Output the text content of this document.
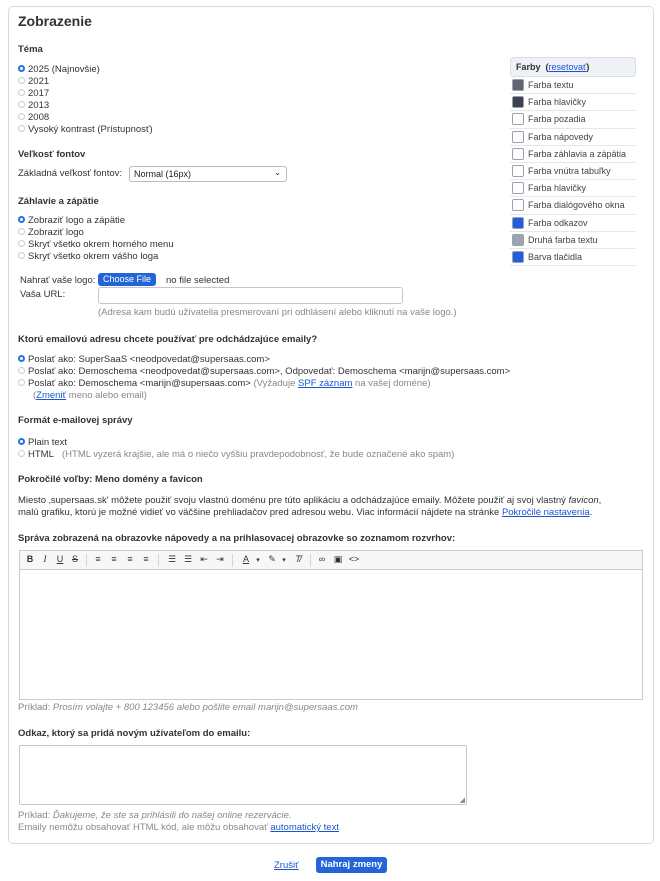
Zobrazenie
Téma
2025 (Najnovšie)
2021
2017
2013
2008
Vysoký kontrast (Prístupnosť)
Farby  (resetovať)
Farba textu
Farba hlavičky
Farba pozadia
Farba nápovedy
Farba záhlavia a zápätia
Farba vnútra tabuľky
Farba hlavičky
Farba dialógového okna
Farba odkazov
Druhá farba textu
Barva tlačidla
Veľkosť fontov
Základná veľkosť fontov:	Normal (16px)	⌄
Záhlavie a zápätie
Zobraziť logo a zápätie
Zobraziť logo
Skryť všetko okrem horného menu
Skryť všetko okrem vášho loga
Nahrať vaše logo: Choose File	no file selected
Vaša URL:
(Adresa kam budú užívatelia presmerovaní pri odhlásení alebo kliknutí na vaše logo.)
Ktorú emailovú adresu chcete používať pre odchádzajúce emaily?
Poslať ako: SuperSaaS <neodpovedat@supersaas.com>
Poslať ako: Demoschema <neodpovedat@supersaas.com>, Odpovedať: Demoschema <marijn@supersaas.com>
Poslať ako: Demoschema <marijn@supersaas.com> (Vyžaduje SPF záznam na vašej doméne)
(Zmeniť meno alebo email)
Formát e-mailovej správy
Plain text
HTML (HTML vyzerá krajšie, ale má o niečo vyššiu pravdepodobnosť, že bude označené ako spam)
Pokročilé voľby: Meno domény a favicon
Miesto ‚supersaas.sk' môžete použiť svoju vlastnú doménu pre túto aplikáciu a odchádzajúce emaily. Môžete použiť aj svoj vlastný favicon,
malú grafiku, ktorú je možné vidieť vo väčšine prehliadačov pred adresou webu. Viac informácií nájdete na stránke Pokročilé nastavenia.
Správa zobrazená na obrazovke nápovedy a na prihlasovacej obrazovke so zoznamom rozvrhov:
B	I	U S	≡	≡	≡	≡	☰ ☰ ⇤ ⇥	A	▾ ✎ ▾	T̸	∞ ▣ <>
Príklad: Prosím volajte + 800 123456 alebo pošlite email marijn@supersaas.com
Odkaz, ktorý sa pridá novým užívateľom do emailu:
◢
Príklad: Ďakujeme, že ste sa prihlásili do našej online rezervácie.
Emaily nemôžu obsahovať HTML kód, ale môžu obsahovať automatický text
Zrušiť	Nahraj zmeny
